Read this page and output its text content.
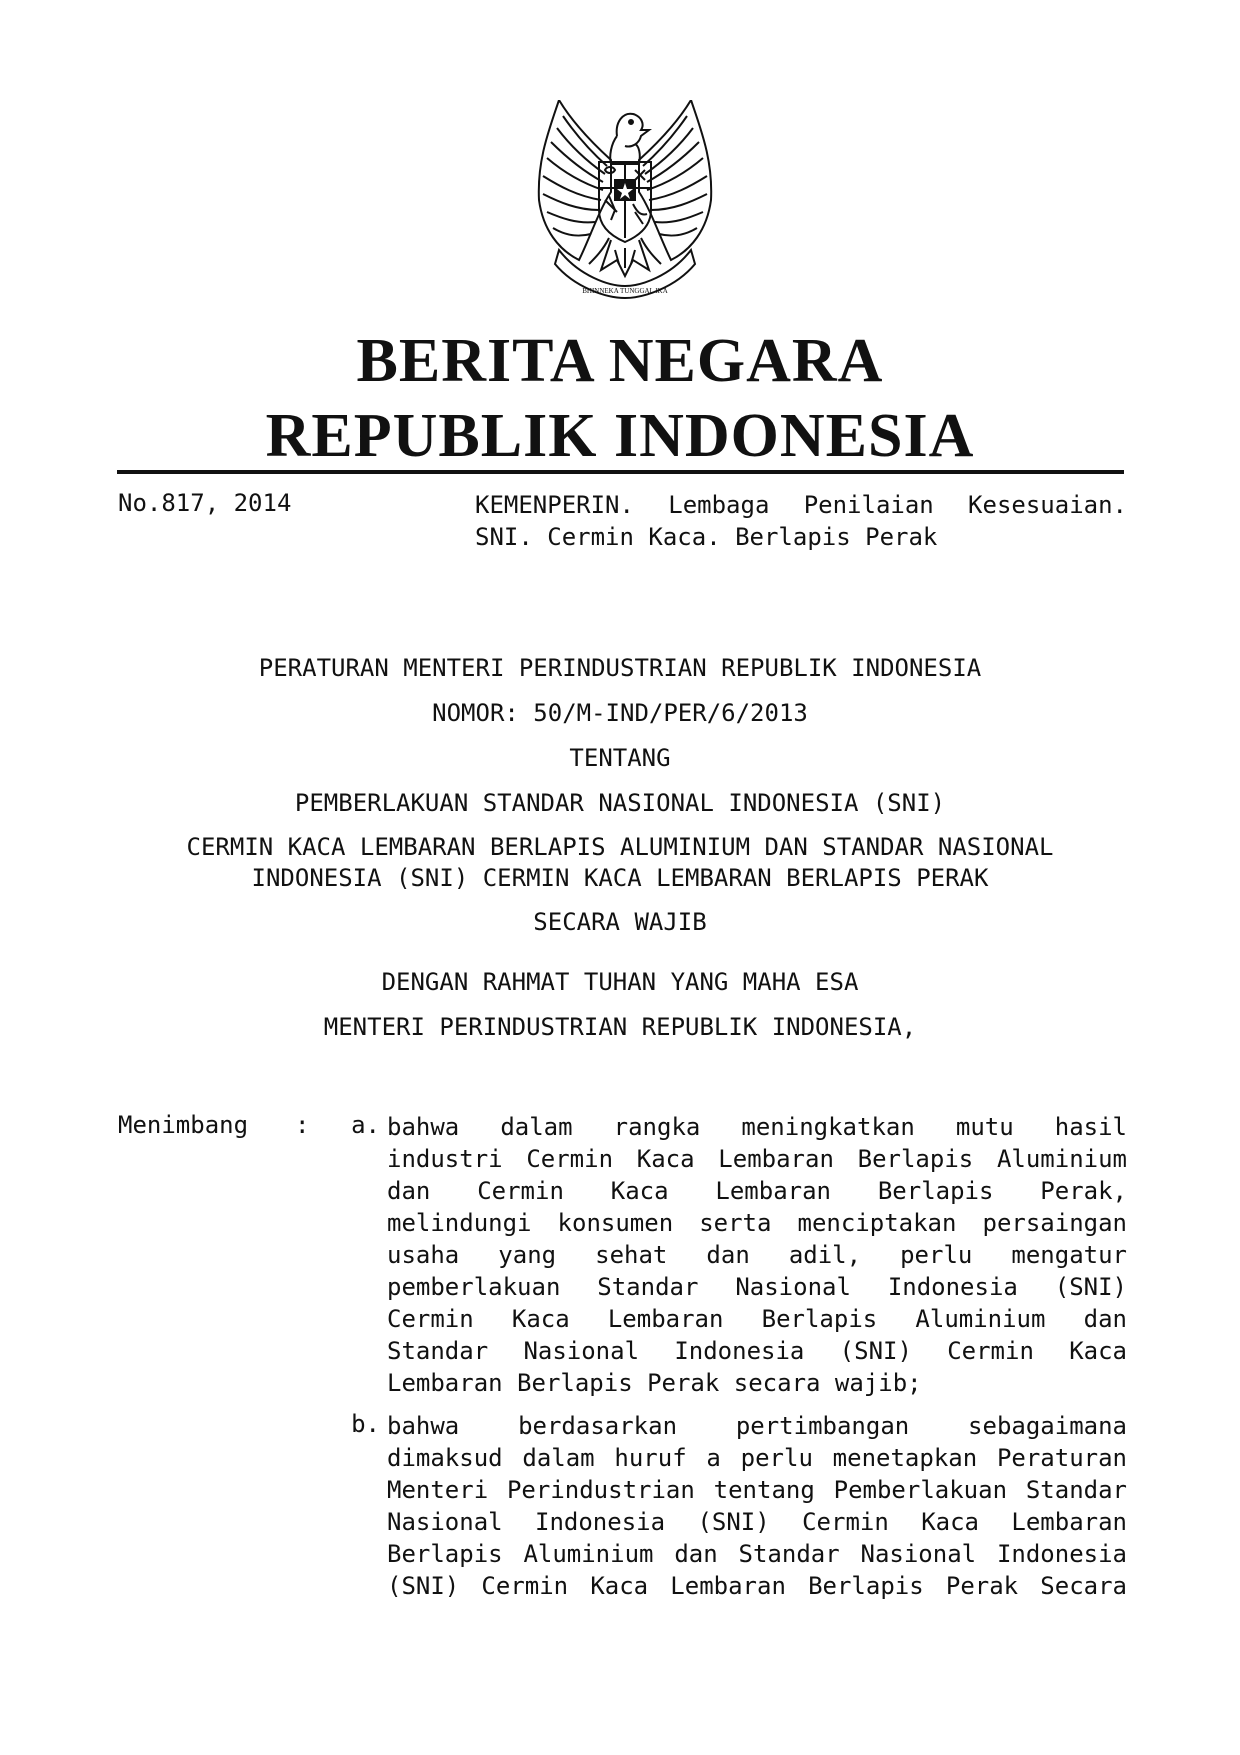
BHINNEKA TUNGGAL IKA
BERITA NEGARA
REPUBLIK INDONESIA
No.817, 2014	KEMENPERIN. Lembaga Penilaian Kesesuaian.
SNI. Cermin Kaca. Berlapis Perak
PERATURAN MENTERI PERINDUSTRIAN REPUBLIK INDONESIA
NOMOR: 50/M-IND/PER/6/2013
TENTANG
PEMBERLAKUAN STANDAR NASIONAL INDONESIA (SNI)
CERMIN KACA LEMBARAN BERLAPIS ALUMINIUM DAN STANDAR NASIONAL
INDONESIA (SNI) CERMIN KACA LEMBARAN BERLAPIS PERAK
SECARA WAJIB
DENGAN RAHMAT TUHAN YANG MAHA ESA
MENTERI PERINDUSTRIAN REPUBLIK INDONESIA,
Menimbang :	a. bahwa dalam rangka meningkatkan mutu hasil
industri Cermin Kaca Lembaran Berlapis Aluminium
dan Cermin Kaca Lembaran Berlapis Perak,
melindungi konsumen serta menciptakan persaingan
usaha yang sehat dan adil, perlu mengatur
pemberlakuan Standar Nasional Indonesia (SNI)
Cermin Kaca Lembaran Berlapis Aluminium dan
Standar Nasional Indonesia (SNI) Cermin Kaca
Lembaran Berlapis Perak secara wajib;
b. bahwa berdasarkan pertimbangan sebagaimana
dimaksud dalam huruf a perlu menetapkan Peraturan
Menteri Perindustrian tentang Pemberlakuan Standar
Nasional Indonesia (SNI) Cermin Kaca Lembaran
Berlapis Aluminium dan Standar Nasional Indonesia
(SNI) Cermin Kaca Lembaran Berlapis Perak Secara
